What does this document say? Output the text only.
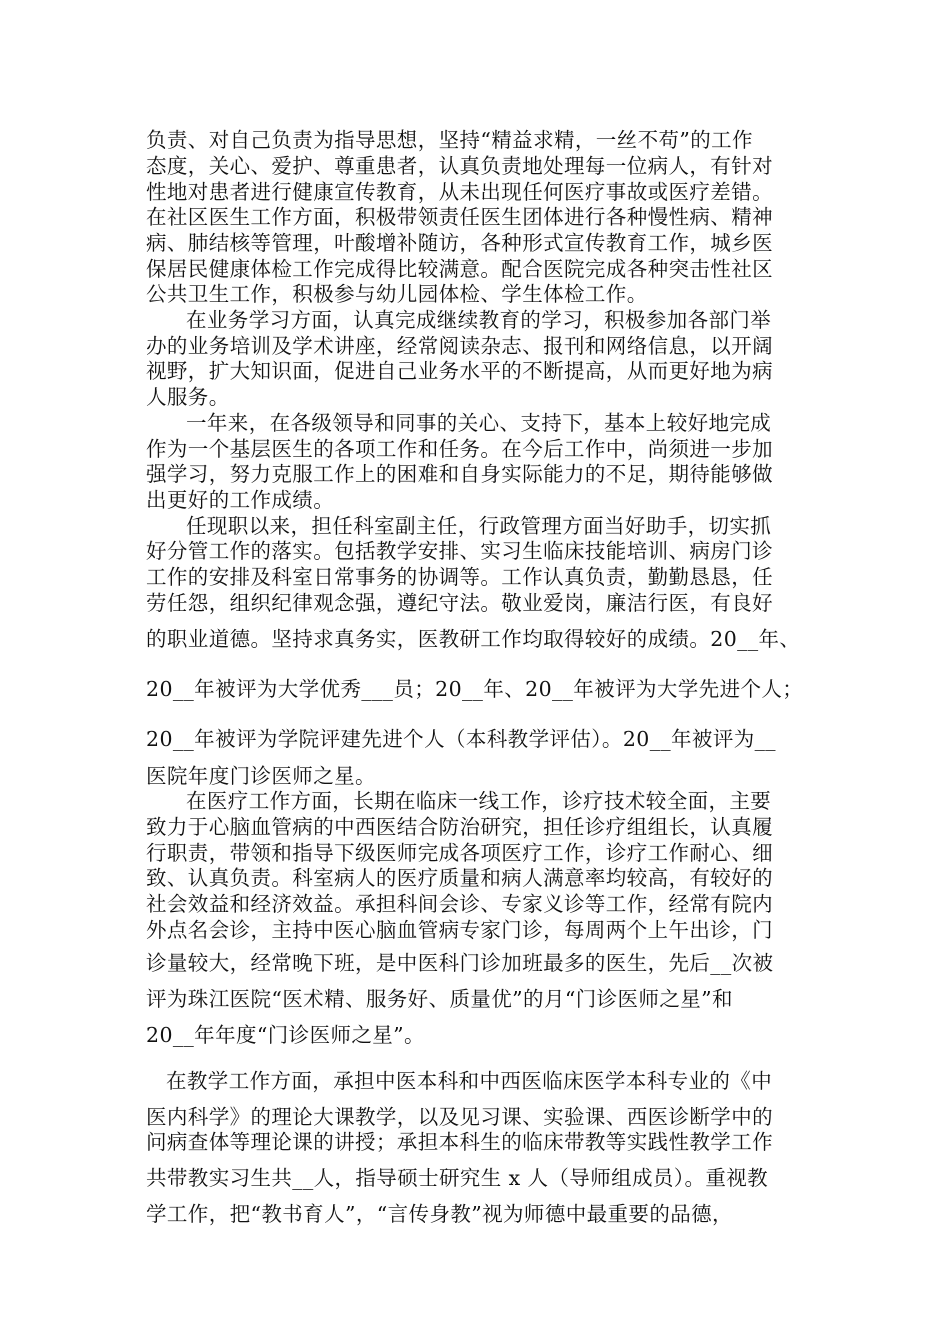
负责、对自己负责为指导思想，坚持“精益求精，一丝不苟”的工作
态度，关心、爱护、尊重患者，认真负责地处理每一位病人，有针对
性地对患者进行健康宣传教育，从未出现任何医疗事故或医疗差错。
在社区医生工作方面，积极带领责任医生团体进行各种慢性病、精神
病、肺结核等管理，叶酸增补随访，各种形式宣传教育工作，城乡医
保居民健康体检工作完成得比较满意。配合医院完成各种突击性社区
公共卫生工作，积极参与幼儿园体检、学生体检工作。
在业务学习方面，认真完成继续教育的学习，积极参加各部门举
办的业务培训及学术讲座，经常阅读杂志、报刊和网络信息，以开阔
视野，扩大知识面，促进自己业务水平的不断提高，从而更好地为病
人服务。
一年来，在各级领导和同事的关心、支持下，基本上较好地完成
作为一个基层医生的各项工作和任务。在今后工作中，尚须进一步加
强学习，努力克服工作上的困难和自身实际能力的不足，期待能够做
出更好的工作成绩。
任现职以来，担任科室副主任，行政管理方面当好助手，切实抓
好分管工作的落实。包括教学安排、实习生临床技能培训、病房门诊
工作的安排及科室日常事务的协调等。工作认真负责，勤勤恳恳，任
劳任怨，组织纪律观念强，遵纪守法。敬业爱岗，廉洁行医，有良好
的职业道德。坚持求真务实，医教研工作均取得较好的成绩。20__年、
20__年被评为大学优秀___员；20__年、20__年被评为大学先进个人；
20__年被评为学院评建先进个人（本科教学评估）。20__年被评为__
医院年度门诊医师之星。
在医疗工作方面，长期在临床一线工作，诊疗技术较全面，主要
致力于心脑血管病的中西医结合防治研究，担任诊疗组组长，认真履
行职责，带领和指导下级医师完成各项医疗工作，诊疗工作耐心、细
致、认真负责。科室病人的医疗质量和病人满意率均较高，有较好的
社会效益和经济效益。承担科间会诊、专家义诊等工作，经常有院内
外点名会诊，主持中医心脑血管病专家门诊，每周两个上午出诊，门
诊量较大，经常晚下班，是中医科门诊加班最多的医生，先后__次被
评为珠江医院“医术精、服务好、质量优”的月“门诊医师之星”和
20__年年度“门诊医师之星”。
在教学工作方面，承担中医本科和中西医临床医学本科专业的《中
医内科学》的理论大课教学，以及见习课、实验课、西医诊断学中的
问病查体等理论课的讲授；承担本科生的临床带教等实践性教学工作
共带教实习生共__人，指导硕士研究生 x 人（导师组成员）。重视教
学工作，把“教书育人”，“言传身教”视为师德中最重要的品德，
